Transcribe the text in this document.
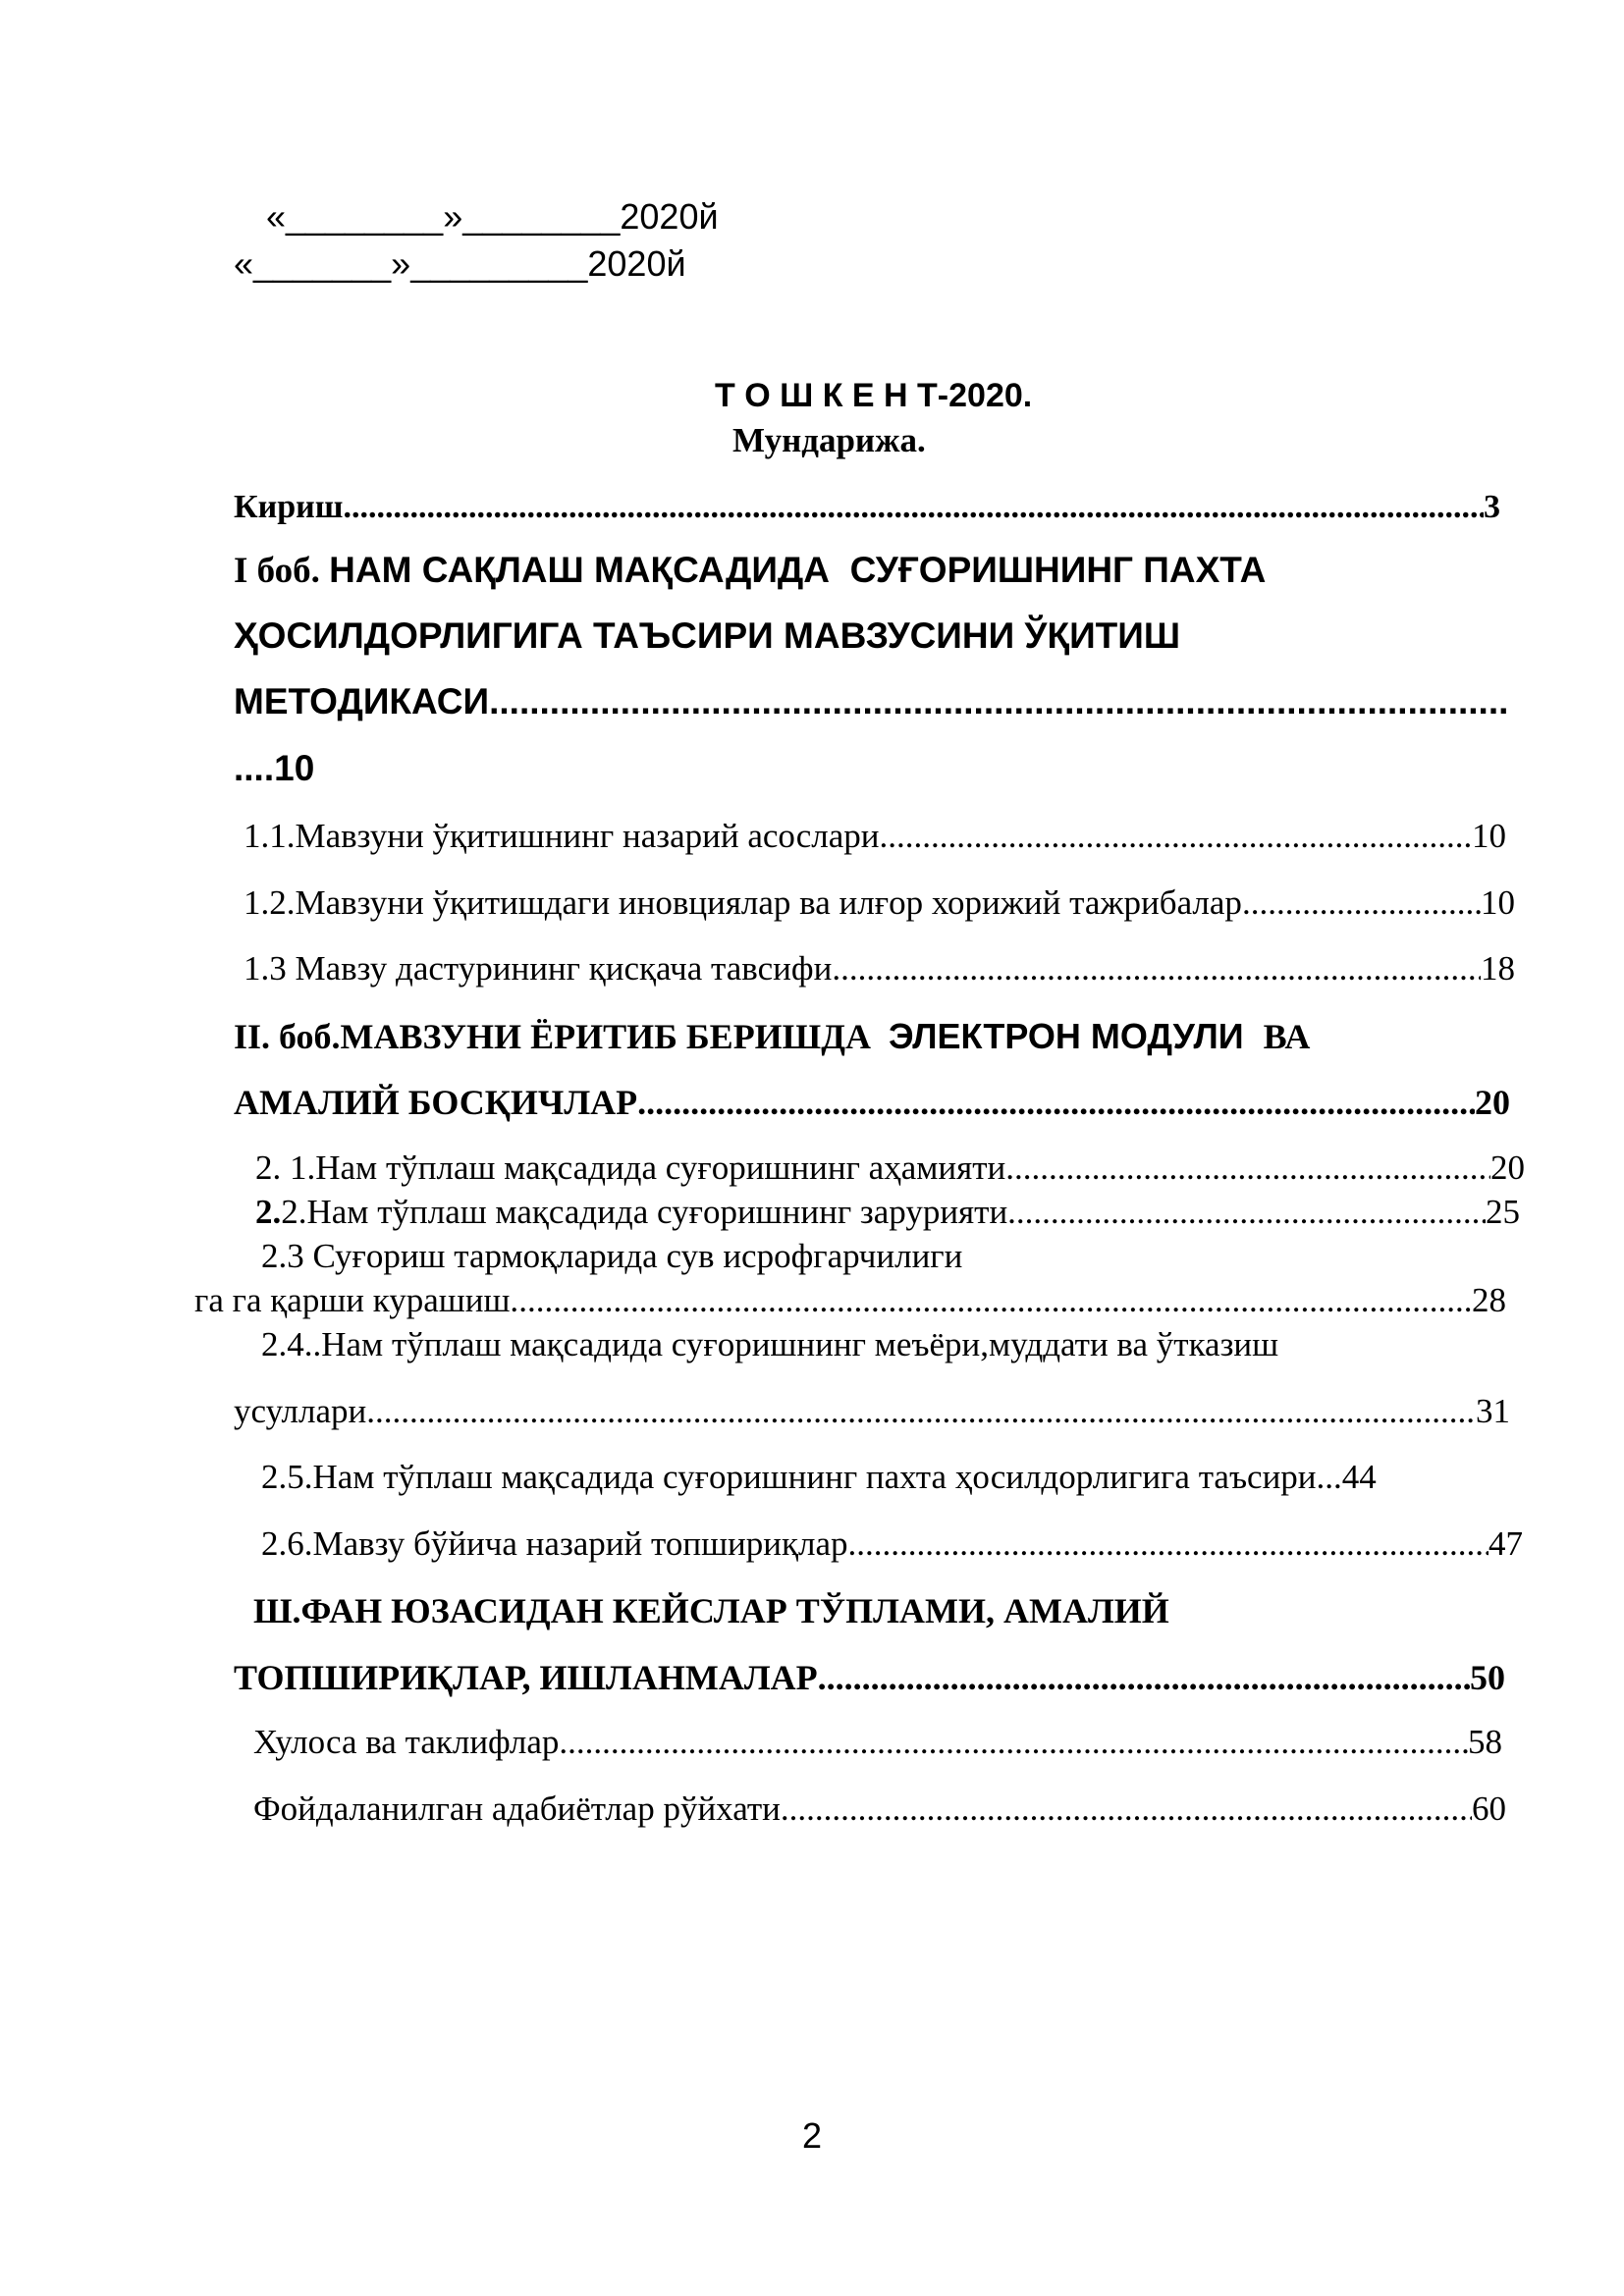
«________»________2020й
«_______»_________2020й
Т О Ш К Е Н Т-2020.
Мундарижа.
Кириш .....	3
I боб. НАМ САҚЛАШ МАҚСАДИДА  СУҒОРИШНИНГ ПАХТА
ҲОСИЛДОРЛИГИГА ТАЪСИРИ МАВЗУСИНИ ЎҚИТИШ
МЕТОДИКАСИ
.....
....10
1.1.Мавзуни ўқитишнинг назарий асослари .....	10
1.2.Мавзуни ўқитишдаги иновциялар ва илғор хорижий тажрибалар .....	10
1.3 Мавзу дастурининг қисқача тавсифи .....	18
II. боб.МАВЗУНИ ЁРИТИБ БЕРИШДА  ЭЛЕКТРОН МОДУЛИ  ВА
АМАЛИЙ БОСҚИЧЛАР .....	20
2. 1.Нам тўплаш мақсадида суғоришнинг аҳамияти. .....	20
2. 2.Нам тўплаш мақсадида суғоришнинг зарурияти .....	25
2.3 Суғориш тармоқларида сув исрофгарчилиги
га га қарши курашиш. .....	28
2.4..Нам тўплаш мақсадида суғоришнинг меъёри,муддати ва ўтказиш
усуллари .....	31
2.5.Нам тўплаш мақсадида суғоришнинг пахта ҳосилдорлигига таъсири...44
2.6.Мавзу бўйича назарий топшириқлар. .....	47
Ш.ФАН ЮЗАСИДАН КЕЙСЛАР ТЎПЛАМИ, АМАЛИЙ
ТОПШИРИҚЛАР, ИШЛАНМАЛАР .....	50
Хулоса ва таклифлар. .....	58
Фойдаланилган адабиётлар рўйхати. .....	60
2
